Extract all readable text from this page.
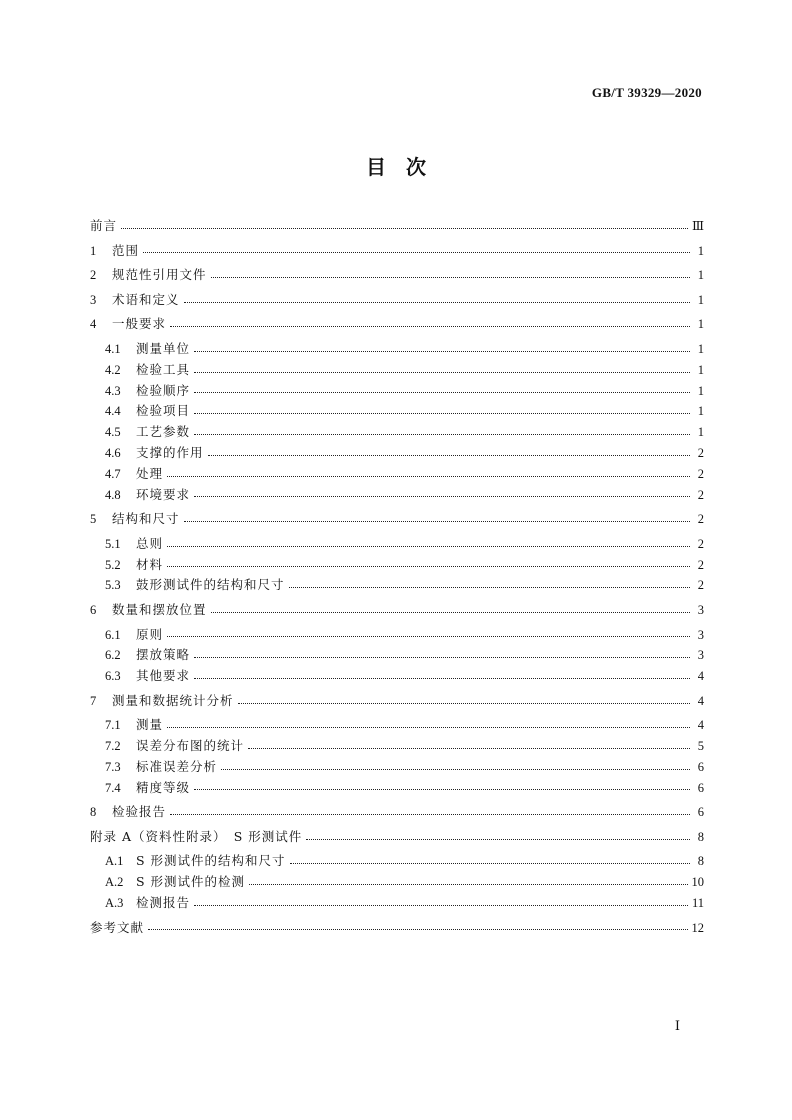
GB/T 39329—2020
目　次
前言	Ⅲ
1	范围	1
2	规范性引用文件	1
3	术语和定义	1
4	一般要求	1
4.1	测量单位	1
4.2	检验工具	1
4.3	检验顺序	1
4.4	检验项目	1
4.5	工艺参数	1
4.6	支撑的作用	2
4.7	处理	2
4.8	环境要求	2
5	结构和尺寸	2
5.1	总则	2
5.2	材料	2
5.3	鼓形测试件的结构和尺寸	2
6	数量和摆放位置	3
6.1	原则	3
6.2	摆放策略	3
6.3	其他要求	4
7	测量和数据统计分析	4
7.1	测量	4
7.2	误差分布图的统计	5
7.3	标准误差分析	6
7.4	精度等级	6
8	检验报告	6
附录 A（资料性附录）　S 形测试件	8
A.1	S 形测试件的结构和尺寸	8
A.2	S 形测试件的检测	10
A.3	检测报告	11
参考文献	12
Ⅰ
